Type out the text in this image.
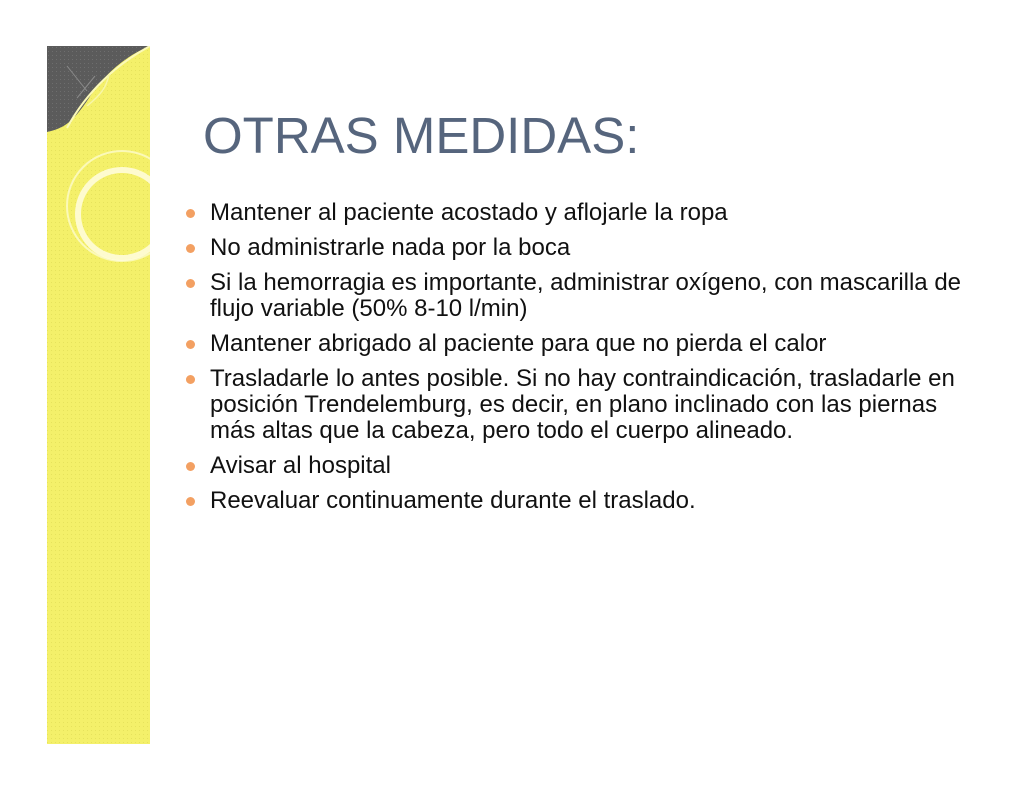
OTRAS MEDIDAS:
Mantener al paciente acostado y aflojarle la ropa
No administrarle nada por la boca
Si la hemorragia es importante, administrar oxígeno, con mascarilla de flujo variable (50% 8-10 l/min)
Mantener abrigado al paciente para que no pierda el calor
Trasladarle lo antes posible. Si no hay contraindicación, trasladarle en posición Trendelemburg, es decir, en plano inclinado con las piernas más altas que la cabeza, pero todo el cuerpo alineado.
Avisar al hospital
Reevaluar continuamente durante el traslado.
